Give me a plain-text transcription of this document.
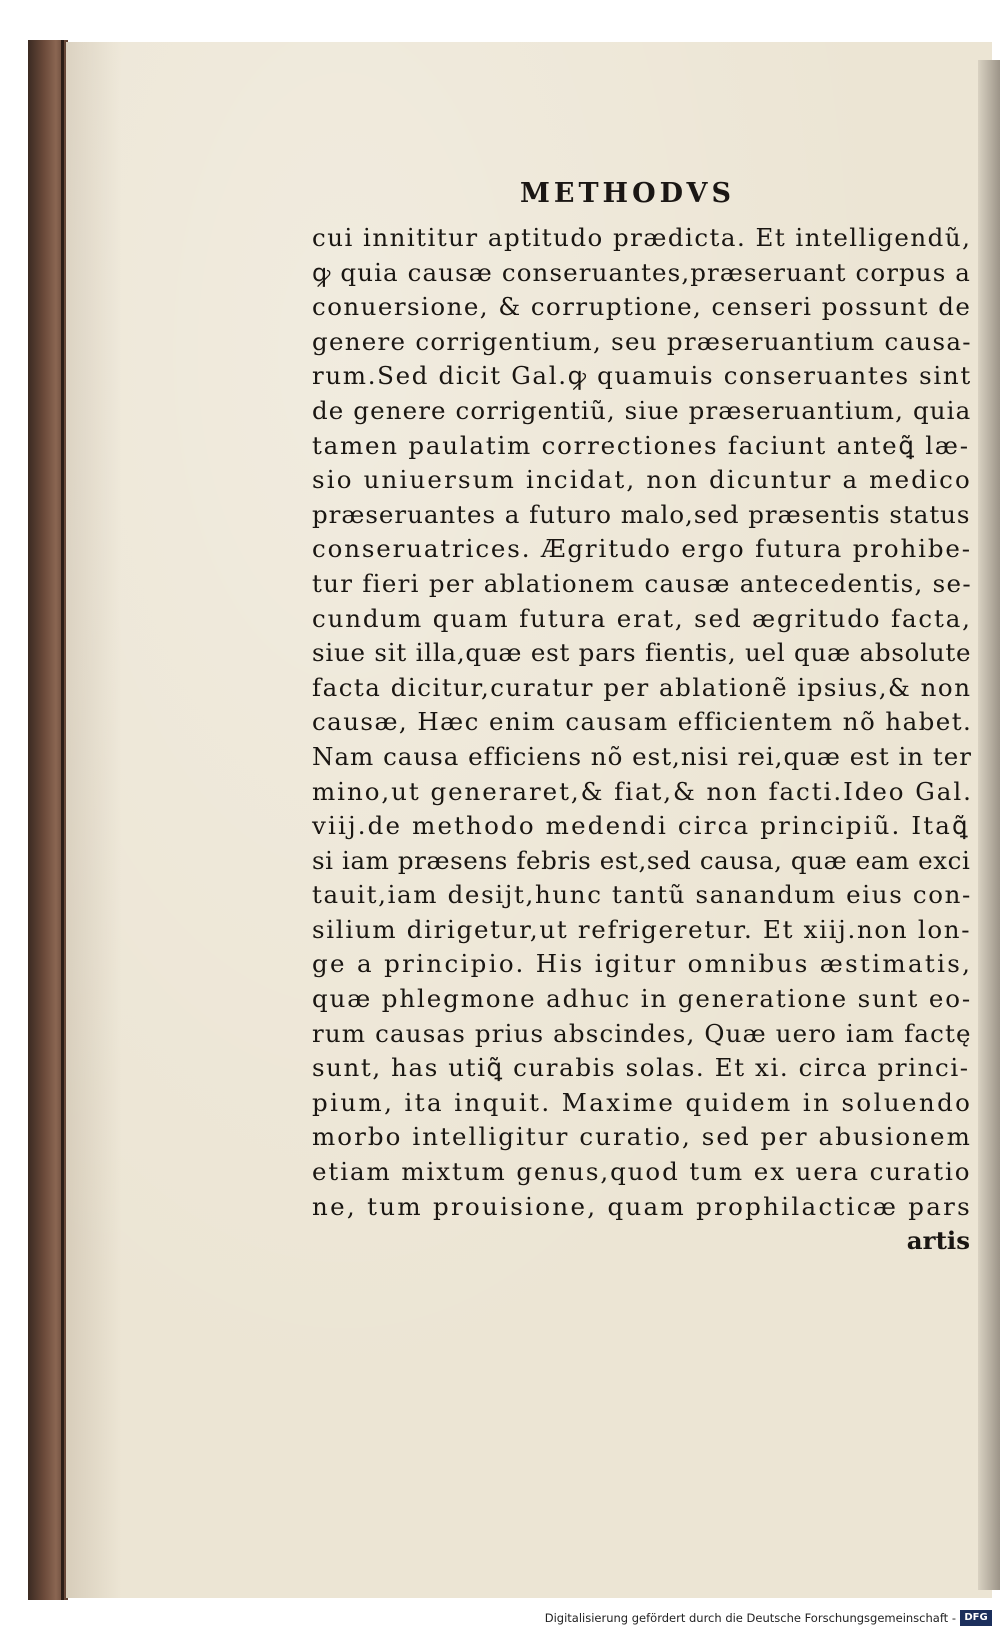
METHODVS
cui innititur aptitudo prædicta. Et intelligendũ,
ꝙ quia causæ conseruantes,præseruant corpus a
conuersione, & corruptione, censeri possunt de
genere corrigentium, seu præseruantium causa-
rum.Sed dicit Gal.ꝙ quamuis conseruantes sint
de genere corrigentiũ, siue præseruantium, quia
tamen paulatim correctiones faciunt anteꝗ̃ læ-
sio uniuersum incidat, non dicuntur a medico
præseruantes a futuro malo,sed præsentis status
conseruatrices. Ægritudo ergo futura prohibe-
tur fieri per ablationem causæ antecedentis, se-
cundum quam futura erat, sed ægritudo facta,
siue sit illa,quæ est pars fientis, uel quæ absolute
facta dicitur,curatur per ablationẽ ipsius,& non
causæ, Hæc enim causam efficientem nõ habet.
Nam causa efficiens nõ est,nisi rei,quæ est in ter
mino,ut generaret,& fiat,& non facti.Ideo Gal.
viij.de methodo medendi circa principiũ. Itaꝗ̃
si iam præsens febris est,sed causa, quæ eam exci
tauit,iam desijt,hunc tantũ sanandum eius con-
silium dirigetur,ut refrigeretur. Et xiij.non lon-
ge a principio. His igitur omnibus æstimatis,
quæ phlegmone adhuc in generatione sunt eo-
rum causas prius abscindes, Quæ uero iam factę
sunt, has utiꝗ̃ curabis solas. Et xi. circa princi-
pium, ita inquit. Maxime quidem in soluendo
morbo intelligitur curatio, sed per abusionem
etiam mixtum genus,quod tum ex uera curatio
ne, tum prouisione, quam prophilacticæ pars
artis
Digitalisierung gefördert durch die Deutsche Forschungsgemeinschaft - DFG
